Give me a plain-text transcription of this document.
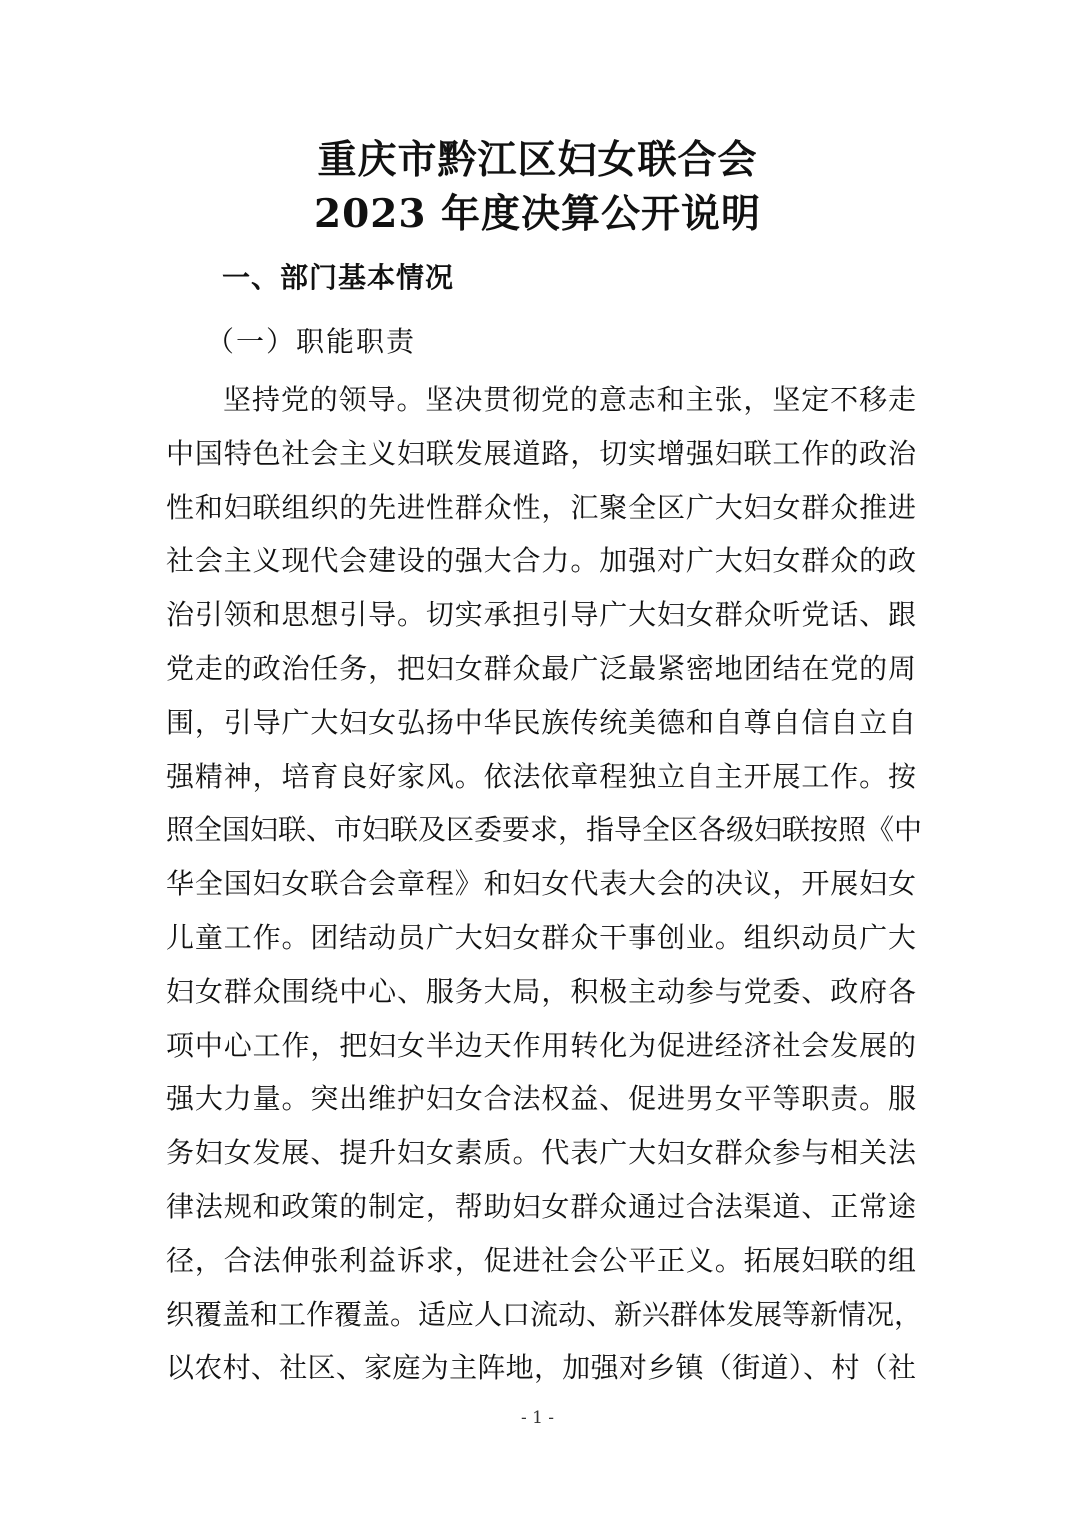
重庆市黔江区妇女联合会
2023 年度决算公开说明
一、部门基本情况
（一）职能职责
坚持党的领导。坚决贯彻党的意志和主张，坚定不移走
中国特色社会主义妇联发展道路，切实增强妇联工作的政治
性和妇联组织的先进性群众性，汇聚全区广大妇女群众推进
社会主义现代会建设的强大合力。加强对广大妇女群众的政
治引领和思想引导。切实承担引导广大妇女群众听党话、跟
党走的政治任务，把妇女群众最广泛最紧密地团结在党的周
围，引导广大妇女弘扬中华民族传统美德和自尊自信自立自
强精神，培育良好家风。依法依章程独立自主开展工作。按
照全国妇联、市妇联及区委要求，指导全区各级妇联按照《中
华全国妇女联合会章程》和妇女代表大会的决议，开展妇女
儿童工作。团结动员广大妇女群众干事创业。组织动员广大
妇女群众围绕中心、服务大局，积极主动参与党委、政府各
项中心工作，把妇女半边天作用转化为促进经济社会发展的
强大力量。突出维护妇女合法权益、促进男女平等职责。服
务妇女发展、提升妇女素质。代表广大妇女群众参与相关法
律法规和政策的制定，帮助妇女群众通过合法渠道、正常途
径，合法伸张利益诉求，促进社会公平正义。拓展妇联的组
织覆盖和工作覆盖。适应人口流动、新兴群体发展等新情况，
以农村、社区、家庭为主阵地，加强对乡镇（街道）、村（社
- 1 -
